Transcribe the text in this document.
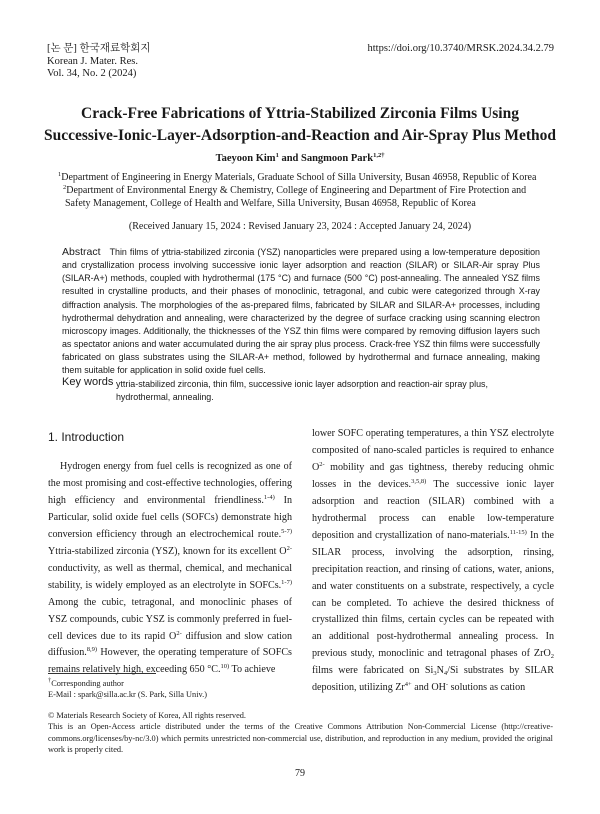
[논 문] 한국재료학회지
Korean J. Mater. Res.
Vol. 34, No. 2 (2024)
https://doi.org/10.3740/MRSK.2024.34.2.79
Crack-Free Fabrications of Yttria-Stabilized Zirconia Films Using
Successive-Ionic-Layer-Adsorption-and-Reaction and Air-Spray Plus Method
Taeyoon Kim$^1$ and Sangmoon Park$^{1,2\dagger}$
$^1$Department of Engineering in Energy Materials, Graduate School of Silla University, Busan 46958, Republic of Korea
$^2$Department of Environmental Energy & Chemistry, College of Engineering and Department of Fire Protection and
Safety Management, College of Health and Welfare, Silla University, Busan 46958, Republic of Korea
(Received January 15, 2024 : Revised January 23, 2024 : Accepted January 24, 2024)
Abstract Thin films of yttria-stabilized zirconia (YSZ) nanoparticles were prepared using a low-temperature deposition and crystallization process involving successive ionic layer adsorption and reaction (SILAR) or SILAR-Air spray Plus (SILAR-A+) methods, coupled with hydrothermal (175 °C) and furnace (500 °C) post-annealing. The annealed YSZ films resulted in crystalline products, and their phases of monoclinic, tetragonal, and cubic were categorized through X-ray diffraction analysis. The morphologies of the as-prepared films, fabricated by SILAR and SILAR-A+ processes, including hydrothermal dehydration and annealing, were characterized by the degree of surface cracking using scanning electron microscopy images. Additionally, the thicknesses of the YSZ thin films were compared by removing diffusion layers such as spectator anions and water accumulated during the air spray plus process. Crack-free YSZ thin films were successfully fabricated on glass substrates using the SILAR-A+ method, followed by hydrothermal and furnace annealing, making them suitable for application in solid oxide fuel cells.
Key words yttria-stabilized zirconia, thin film, successive ionic layer adsorption and reaction-air spray plus, hydrothermal, annealing.
1. Introduction

Hydrogen energy from fuel cells is recognized as one of the most promising and cost-effective technologies, offering high efficiency and environmental friendliness.$^{1-4)}$ In Particular, solid oxide fuel cells (SOFCs) demonstrate high conversion efficiency through an electrochemical route.$^{5-7)}$ Yttria-stabilized zirconia (YSZ), known for its excellent $O^{2-}$ conductivity, as well as thermal, chemical, and mechanical stability, is widely employed as an electrolyte in SOFCs.$^{1-7)}$ Among the cubic, tetragonal, and monoclinic phases of YSZ compounds, cubic YSZ is commonly preferred in fuel-cell devices due to its rapid $O^{2-}$ diffusion and slow cation diffusion.$^{8,9)}$ However, the operating temperature of SOFCs remains relatively high, exceeding 650 °C.$^{10)}$ To achieve

lower SOFC operating temperatures, a thin YSZ electrolyte composited of nano-scaled particles is required to enhance $O^{2-}$ mobility and gas tightness, thereby reducing ohmic losses in the devices.$^{3,5,8)}$ The successive ionic layer adsorption and reaction (SILAR) combined with a hydrothermal process can enable low-temperature deposition and crystallization of nano-materials.$^{11-15)}$ In the SILAR process, involving the adsorption, rinsing, precipitation reaction, and rinsing of cations, water, anions, and water constituents on a substrate, respectively, a cycle can be completed. To achieve the desired thickness of crystallized thin films, certain cycles can be repeated with an additional post-hydrothermal annealing process. In previous study, monoclinic and tetragonal phases of ZrO$_2$ films were fabricated on $Si_3N_4/Si$ substrates by SILAR deposition, utilizing $Zr^{4+}$ and OH- solutions as cation

†Corresponding author
E-Mail : spark@silla.ac.kr (S. Park, Silla Univ.)
© Materials Research Society of Korea, All rights reserved.
This is an Open-Access article distributed under the terms of the Creative Commons Attribution Non-Commercial License (http://creative-commons.org/licenses/by-nc/3.0) which permits unrestricted non-commercial use, distribution, and reproduction in any medium, provided the original work is properly cited.
79
